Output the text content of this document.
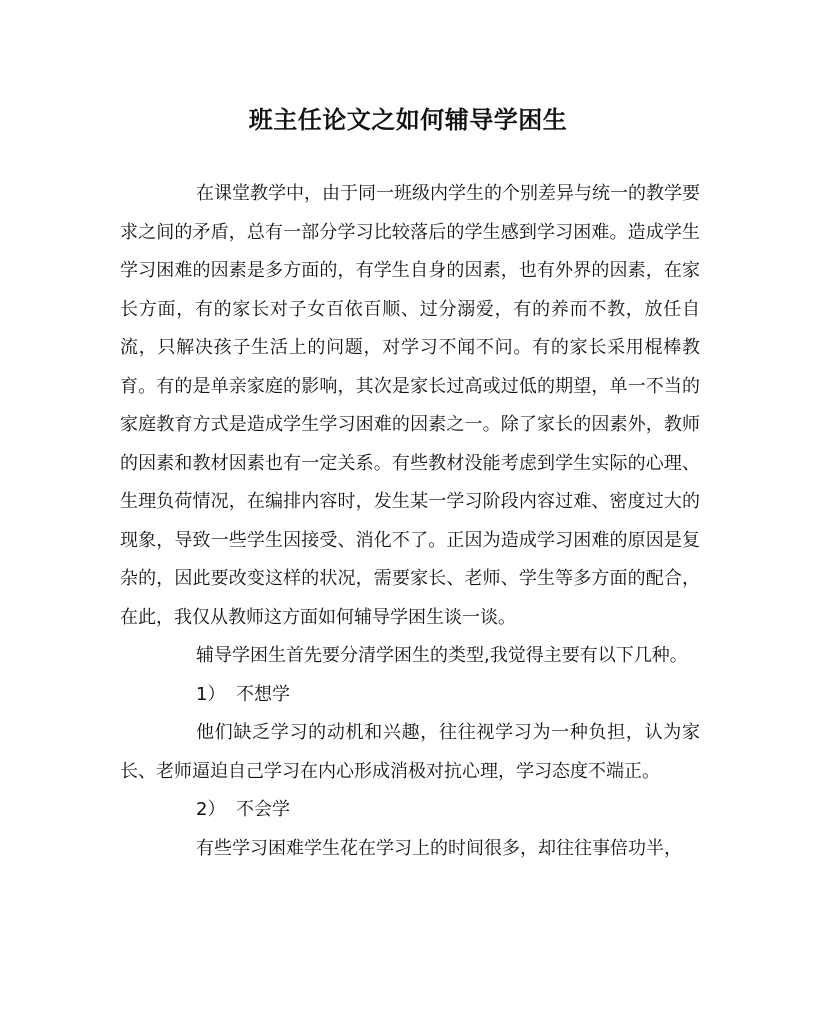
班主任论文之如何辅导学困生

在课堂教学中，由于同一班级内学生的个别差异与统一的教学要求之间的矛盾，总有一部分学习比较落后的学生感到学习困难。造成学生学习困难的因素是多方面的，有学生自身的因素，也有外界的因素，在家长方面，有的家长对子女百依百顺、过分溺爱，有的养而不教，放任自流，只解决孩子生活上的问题，对学习不闻不问。有的家长采用棍棒教育。有的是单亲家庭的影响，其次是家长过高或过低的期望，单一不当的家庭教育方式是造成学生学习困难的因素之一。除了家长的因素外，教师的因素和教材因素也有一定关系。有些教材没能考虑到学生实际的心理、生理负荷情况，在编排内容时，发生某一学习阶段内容过难、密度过大的现象，导致一些学生因接受、消化不了。正因为造成学习困难的原因是复杂的，因此要改变这样的状况，需要家长、老师、学生等多方面的配合，在此，我仅从教师这方面如何辅导学困生谈一谈。

辅导学困生首先要分清学困生的类型,我觉得主要有以下几种。

1） 不想学

他们缺乏学习的动机和兴趣，往往视学习为一种负担，认为家长、老师逼迫自己学习在内心形成消极对抗心理，学习态度不端正。

2） 不会学

有些学习困难学生花在学习上的时间很多，却往往事倍功半，
